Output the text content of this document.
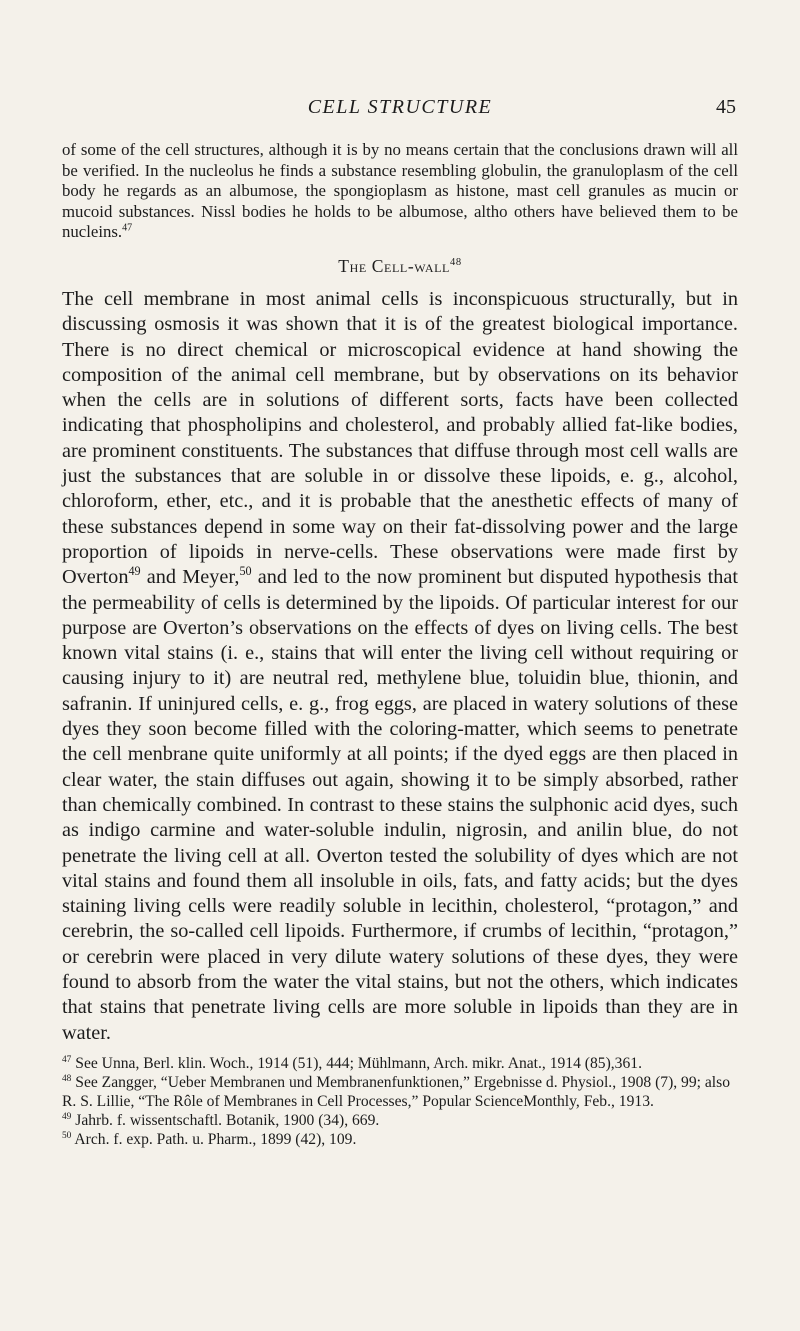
CELL STRUCTURE	45

of some of the cell structures, although it is by no means certain that the conclusions drawn will all be verified. In the nucleolus he finds a substance resembling globulin, the granuloplasm of the cell body he regards as an albumose, the spongioplasm as histone, mast cell granules as mucin or mucoid substances. Nissl bodies he holds to be albumose, altho others have believed them to be nucleins.$^{47}$

The Cell-wall$^{48}$

The cell membrane in most animal cells is inconspicuous structurally, but in discussing osmosis it was shown that it is of the greatest biological importance. There is no direct chemical or microscopical evidence at hand showing the composition of the animal cell membrane, but by observations on its behavior when the cells are in solutions of different sorts, facts have been collected indicating that phospholipins and cholesterol, and probably allied fat-like bodies, are prominent constituents. The substances that diffuse through most cell walls are just the substances that are soluble in or dissolve these lipoids, e. g., alcohol, chloroform, ether, etc., and it is probable that the anesthetic effects of many of these substances depend in some way on their fat-dissolving power and the large proportion of lipoids in nerve-cells. These observations were made first by Overton$^{49}$ and Meyer,$^{50}$ and led to the now prominent but disputed hypothesis that the permeability of cells is determined by the lipoids. Of particular interest for our purpose are Overton’s observations on the effects of dyes on living cells. The best known vital stains (i. e., stains that will enter the living cell without requiring or causing injury to it) are neutral red, methylene blue, toluidin blue, thionin, and safranin. If uninjured cells, e. g., frog eggs, are placed in watery solutions of these dyes they soon become filled with the coloring-matter, which seems to penetrate the cell menbrane quite uniformly at all points; if the dyed eggs are then placed in clear water, the stain diffuses out again, showing it to be simply absorbed, rather than chemically combined. In contrast to these stains the sulphonic acid dyes, such as indigo carmine and water-soluble indulin, nigrosin, and anilin blue, do not penetrate the living cell at all. Overton tested the solubility of dyes which are not vital stains and found them all insoluble in oils, fats, and fatty acids; but the dyes staining living cells were readily soluble in lecithin, cholesterol, “protagon,” and cerebrin, the so-called cell lipoids. Furthermore, if crumbs of lecithin, “protagon,” or cerebrin were placed in very dilute watery solutions of these dyes, they were found to absorb from the water the vital stains, but not the others, which indicates that stains that penetrate living cells are more soluble in lipoids than they are in water.

$^{47}$ See Unna, Berl. klin. Woch., 1914 (51), 444; Mühlmann, Arch. mikr. Anat., 1914 (85),361.

$^{48}$ See Zangger, “Ueber Membranen und Membranenfunktionen,” Ergebnisse d. Physiol., 1908 (7), 99; also R. S. Lillie, “The Rôle of Membranes in Cell Processes,” Popular ScienceMonthly, Feb., 1913.

$^{49}$ Jahrb. f. wissentschaftl. Botanik, 1900 (34), 669.

$^{50}$ Arch. f. exp. Path. u. Pharm., 1899 (42), 109.
